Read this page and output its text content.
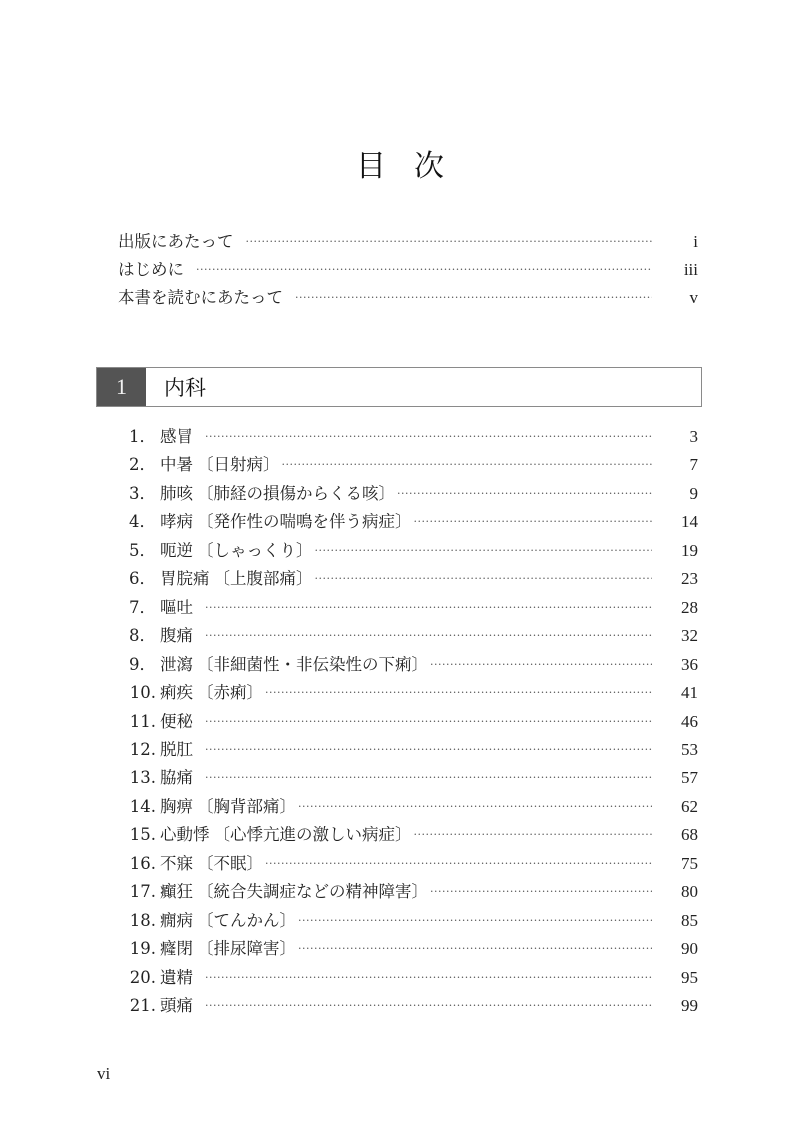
目 次
出版にあたって ·····	i
はじめに ·····	iii
本書を読むにあたって ·····	v
1	内科
1． 感冒 ·····	3
2． 中暑 〔日射病〕 ·····	7
3． 肺咳 〔肺経の損傷からくる咳〕 ·····	9
4． 哮病 〔発作性の喘鳴を伴う病症〕 ·····	14
5． 呃逆 〔しゃっくり〕 ·····	19
6． 胃脘痛 〔上腹部痛〕 ·····	23
7． 嘔吐 ·····	28
8． 腹痛 ·····	32
9． 泄瀉 〔非細菌性・非伝染性の下痢〕 ·····	36
10. 痢疾 〔赤痢〕 ·····	41
11. 便秘 ·····	46
12. 脱肛 ·····	53
13. 脇痛 ·····	57
14. 胸痹 〔胸背部痛〕 ·····	62
15. 心動悸 〔心悸亢進の激しい病症〕 ·····	68
16. 不寐 〔不眠〕 ·····	75
17. 癲狂 〔統合失調症などの精神障害〕 ·····	80
18. 癇病 〔てんかん〕 ·····	85
19. 癃閉 〔排尿障害〕 ·····	90
20. 遺精 ·····	95
21. 頭痛 ·····	99
vi
